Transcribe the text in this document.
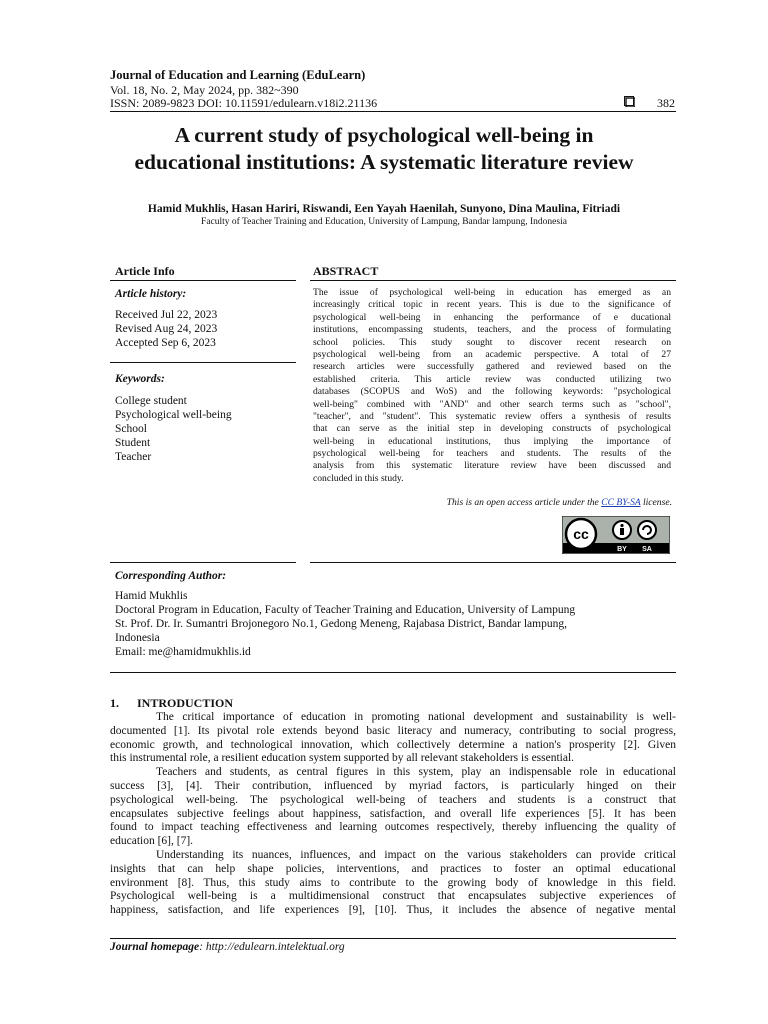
Journal of Education and Learning (EduLearn)
Vol. 18, No. 2, May 2024, pp. 382~390
ISSN: 2089-9823 DOI: 10.11591/edulearn.v18i2.21136	382
A current study of psychological well-being in
educational institutions: A systematic literature review
Hamid Mukhlis, Hasan Hariri, Riswandi, Een Yayah Haenilah, Sunyono, Dina Maulina, Fitriadi
Faculty of Teacher Training and Education, University of Lampung, Bandar lampung, Indonesia
Article Info	ABSTRACT
Article history:
Received Jul 22, 2023
Revised Aug 24, 2023
Accepted Sep 6, 2023
Keywords:
College student
Psychological well-being
School
Student
Teacher
The issue of psychological well-being in education has emerged as an
increasingly critical topic in recent years. This is due to the significance of
psychological well-being in enhancing the performance of e ducational
institutions, encompassing students, teachers, and the process of formulating
school policies. This study sought to discover recent research on
psychological well-being from an academic perspective. A total of 27
research articles were successfully gathered and reviewed based on the
established criteria. This article review was conducted utilizing two
databases (SCOPUS and WoS) and the following keywords: "psychological
well-being" combined with "AND" and other search terms such as "school",
"teacher", and "student". This systematic review offers a synthesis of results
that can serve as the initial step in developing constructs of psychological
well-being in educational institutions, thus implying the importance of
psychological well-being for teachers and students. The results of the
analysis from this systematic literature review have been discussed and
concluded in this study.
This is an open access article under the CC BY-SA license.
cc
BY SA
Corresponding Author:
Hamid Mukhlis
Doctoral Program in Education, Faculty of Teacher Training and Education, University of Lampung
St. Prof. Dr. Ir. Sumantri Brojonegoro No.1, Gedong Meneng, Rajabasa District, Bandar lampung,
Indonesia
Email: me@hamidmukhlis.id
1.      INTRODUCTION
The critical importance of education in promoting national development and sustainability is well-
documented [1]. Its pivotal role extends beyond basic literacy and numeracy, contributing to social progress,
economic growth, and technological innovation, which collectively determine a nation's prosperity [2]. Given
this instrumental role, a resilient education system supported by all relevant stakeholders is essential.
Teachers and students, as central figures in this system, play an indispensable role in educational
success [3], [4]. Their contribution, influenced by myriad factors, is particularly hinged on their
psychological well-being. The psychological well-being of teachers and students is a construct that
encapsulates subjective feelings about happiness, satisfaction, and overall life experiences [5]. It has been
found to impact teaching effectiveness and learning outcomes respectively, thereby influencing the quality of
education [6], [7].
Understanding its nuances, influences, and impact on the various stakeholders can provide critical
insights that can help shape policies, interventions, and practices to foster an optimal educational
environment [8]. Thus, this study aims to contribute to the growing body of knowledge in this field.
Psychological well-being is a multidimensional construct that encapsulates subjective experiences of
happiness, satisfaction, and life experiences [9], [10]. Thus, it includes the absence of negative mental
Journal homepage: http://edulearn.intelektual.org
